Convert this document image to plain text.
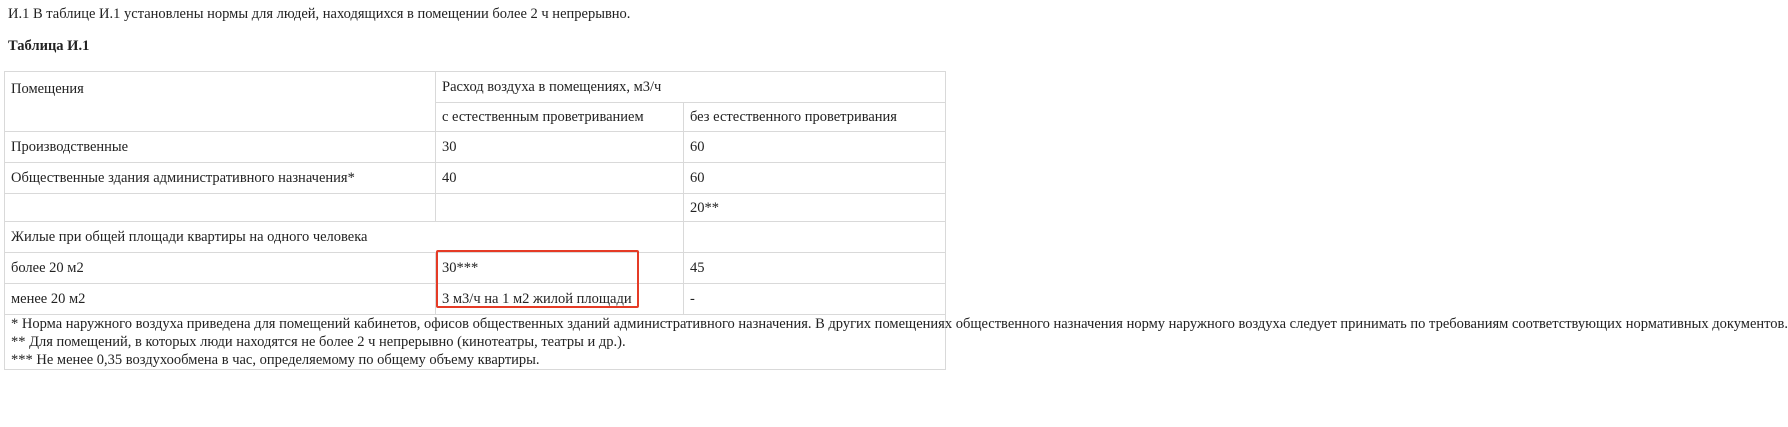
И.1 В таблице И.1 установлены нормы для людей, находящихся в помещении более 2 ч непрерывно.
Таблица И.1
Помещения	Расход воздуха в помещениях, м3/ч	
	с естественным проветриванием	без естественного проветривания
Производственные	30	60
Общественные здания административного назначения*	40	60
		20**
Жилые при общей площади квартиры на одного человека		
более 20 м2	30***	45
менее 20 м2	3 м3/ч на 1 м2 жилой площади	-

* Норма наружного воздуха приведена для помещений кабинетов, офисов общественных зданий административного назначения. В других помещениях общественного назначения норму наружного воздуха следует принимать по требованиям соответствующих нормативных документов.

** Для помещений, в которых люди находятся не более 2 ч непрерывно (кинотеатры, театры и др.).

*** Не менее 0,35 воздухообмена в час, определяемому по общему объему квартиры.		
